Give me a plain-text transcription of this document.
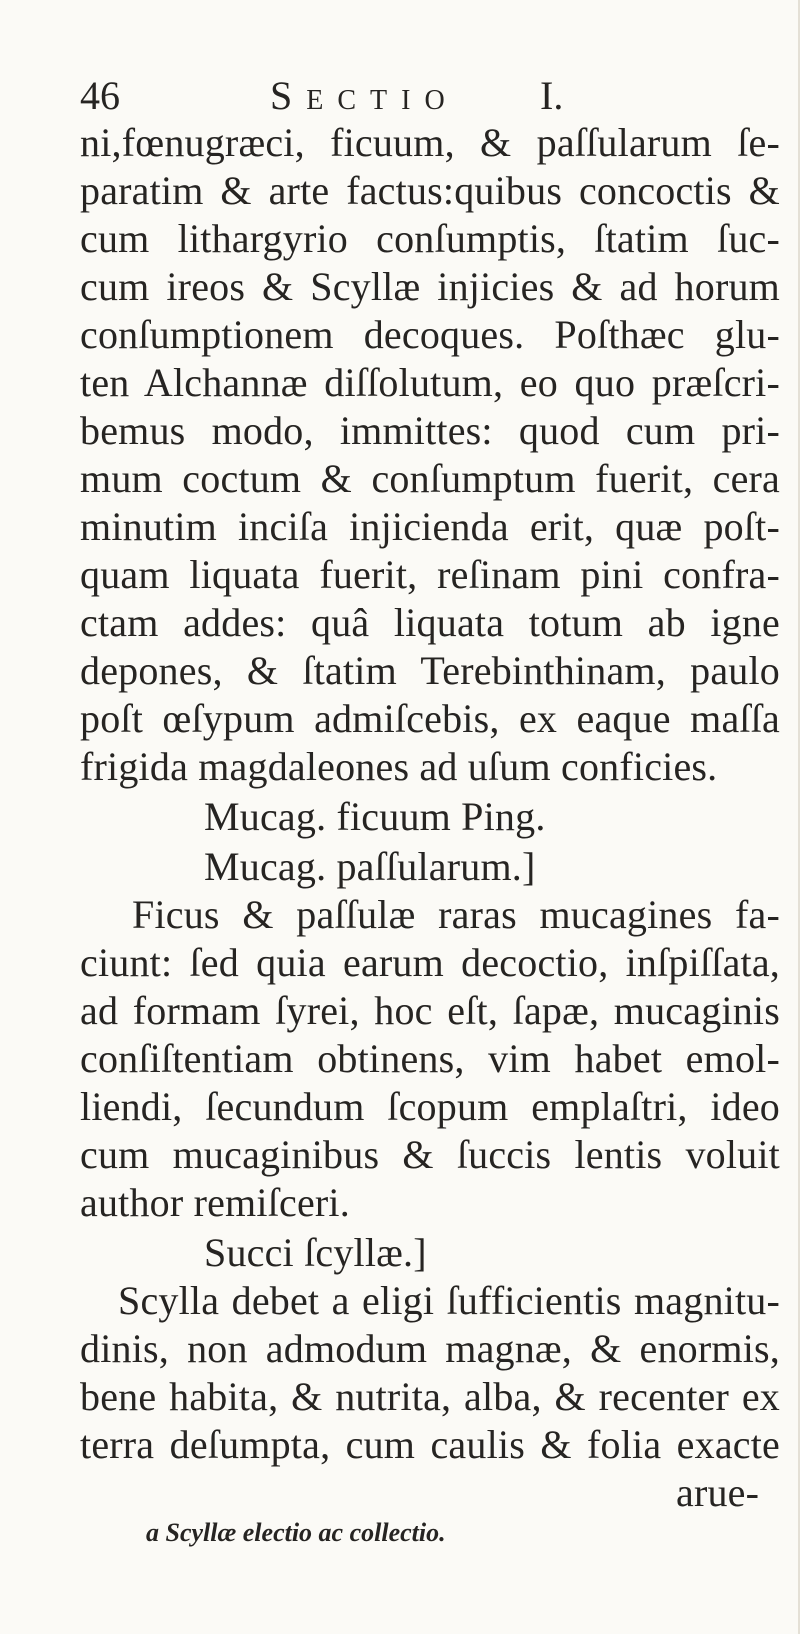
46	Sectio I.
ni,fœnugræci, ficuum, & paſſularum ſe-
paratim & arte factus:quibus concoctis &
cum lithargyrio conſumptis, ſtatim ſuc-
cum ireos & Scyllæ injicies & ad horum
conſumptionem decoques. Poſthæc glu-
ten Alchannæ diſſolutum, eo quo præſcri-
bemus modo, immittes: quod cum pri-
mum coctum & conſumptum fuerit, cera
minutim inciſa injicienda erit, quæ poſt-
quam liquata fuerit, reſinam pini confra-
ctam addes: quâ liquata totum ab igne
depones, & ſtatim Terebinthinam, paulo
poſt œſypum admiſcebis, ex eaque maſſa
frigida magdaleones ad uſum conficies.
Mucag. ficuum Ping.
Mucag. paſſularum.]
Ficus & paſſulæ raras mucagines fa-
ciunt: ſed quia earum decoctio, inſpiſſata,
ad formam ſyrei, hoc eſt, ſapæ, mucaginis
conſiſtentiam obtinens, vim habet emol-
liendi, ſecundum ſcopum emplaſtri, ideo
cum mucaginibus & ſuccis lentis voluit
author remiſceri.
Succi ſcyllæ.]
Scylla debet a eligi ſufficientis magnitu-
dinis, non admodum magnæ, & enormis,
bene habita, & nutrita, alba, & recenter ex
terra deſumpta, cum caulis & folia exacte
arue-
a Scyllæ electio ac collectio.
